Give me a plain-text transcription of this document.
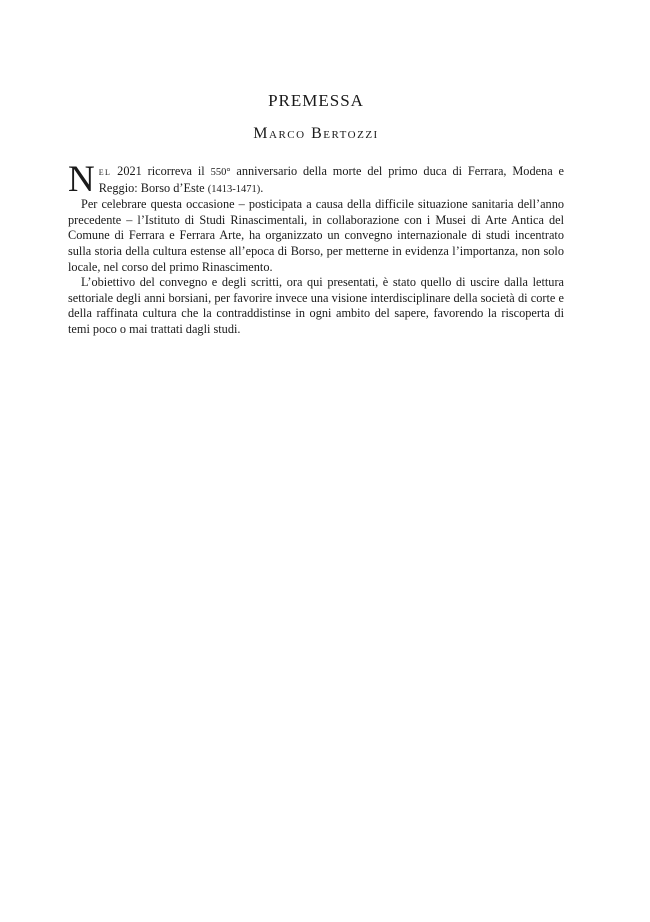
PREMESSA
Marco Bertozzi

Nel 2021 ricorreva il 550° anniversario della morte del primo duca di Ferrara, Modena e Reggio: Borso d’Este (1413-1471).

Per celebrare questa occasione – posticipata a causa della difficile situazione sanitaria dell’anno precedente – l’Istituto di Studi Rinascimentali, in collaborazione con i Musei di Arte Antica del Comune di Ferrara e Ferrara Arte, ha organizzato un convegno internazionale di studi incentrato sulla storia della cultura estense all’epoca di Borso, per metterne in evidenza l’importanza, non solo locale, nel corso del primo Rinascimento.

L’obiettivo del convegno e degli scritti, ora qui presentati, è stato quello di uscire dalla lettura settoriale degli anni borsiani, per favorire invece una visione interdisciplinare della società di corte e della raffinata cultura che la contraddistinse in ogni ambito del sapere, favorendo la riscoperta di temi poco o mai trattati dagli studi.
